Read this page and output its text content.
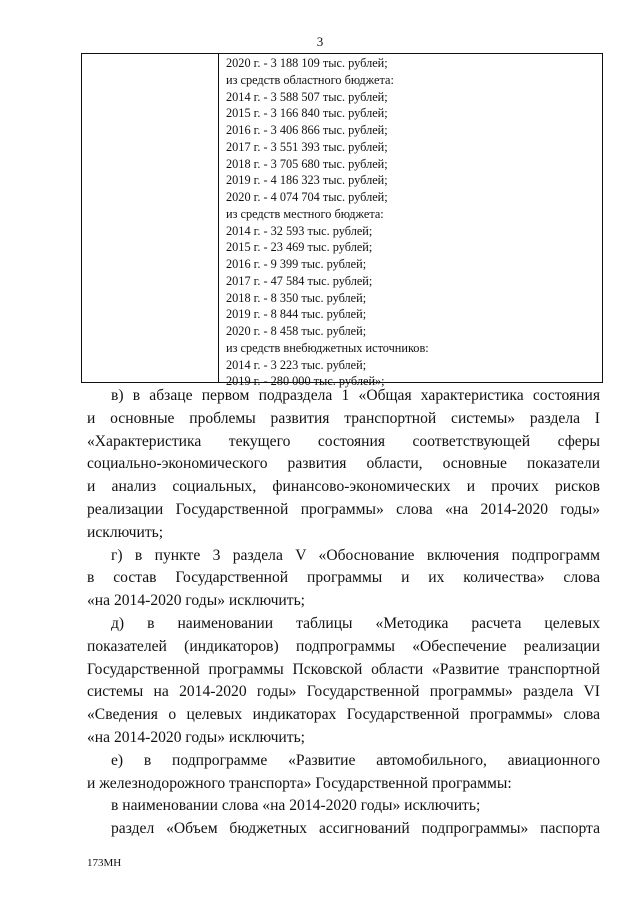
3
2020 г. - 3 188 109 тыс. рублей;
из средств областного бюджета:
2014 г. - 3 588 507 тыс. рублей;
2015 г. - 3 166 840 тыс. рублей;
2016 г. - 3 406 866 тыс. рублей;
2017 г. - 3 551 393 тыс. рублей;
2018 г. - 3 705 680 тыс. рублей;
2019 г. - 4 186 323 тыс. рублей;
2020 г. - 4 074 704 тыс. рублей;
из средств местного бюджета:
2014 г. - 32 593 тыс. рублей;
2015 г. - 23 469 тыс. рублей;
2016 г. - 9 399 тыс. рублей;
2017 г. - 47 584 тыс. рублей;
2018 г. - 8 350 тыс. рублей;
2019 г. - 8 844 тыс. рублей;
2020 г. - 8 458 тыс. рублей;
из средств внебюджетных источников:
2014 г. - 3 223 тыс. рублей;
2019 г. - 280 000 тыс. рублей»;

в) в абзаце первом подраздела 1 «Общая характеристика состояния

и основные проблемы развития транспортной системы» раздела I

«Характеристика текущего состояния соответствующей сферы

социально-экономического развития области, основные показатели

и анализ социальных, финансово-экономических и прочих рисков

реализации Государственной программы» слова «на 2014-2020 годы»

исключить;

г) в пункте 3 раздела V «Обоснование включения подпрограмм

в состав Государственной программы и их количества» слова

«на 2014-2020 годы» исключить;

д) в наименовании таблицы «Методика расчета целевых

показателей (индикаторов) подпрограммы «Обеспечение реализации

Государственной программы Псковской области «Развитие транспортной

системы на 2014-2020 годы» Государственной программы» раздела VI

«Сведения о целевых индикаторах Государственной программы» слова

«на 2014-2020 годы» исключить;

е) в подпрограмме «Развитие автомобильного, авиационного

и железнодорожного транспорта» Государственной программы:

в наименовании слова «на 2014-2020 годы» исключить;

раздел «Объем бюджетных ассигнований подпрограммы» паспорта

173МН
